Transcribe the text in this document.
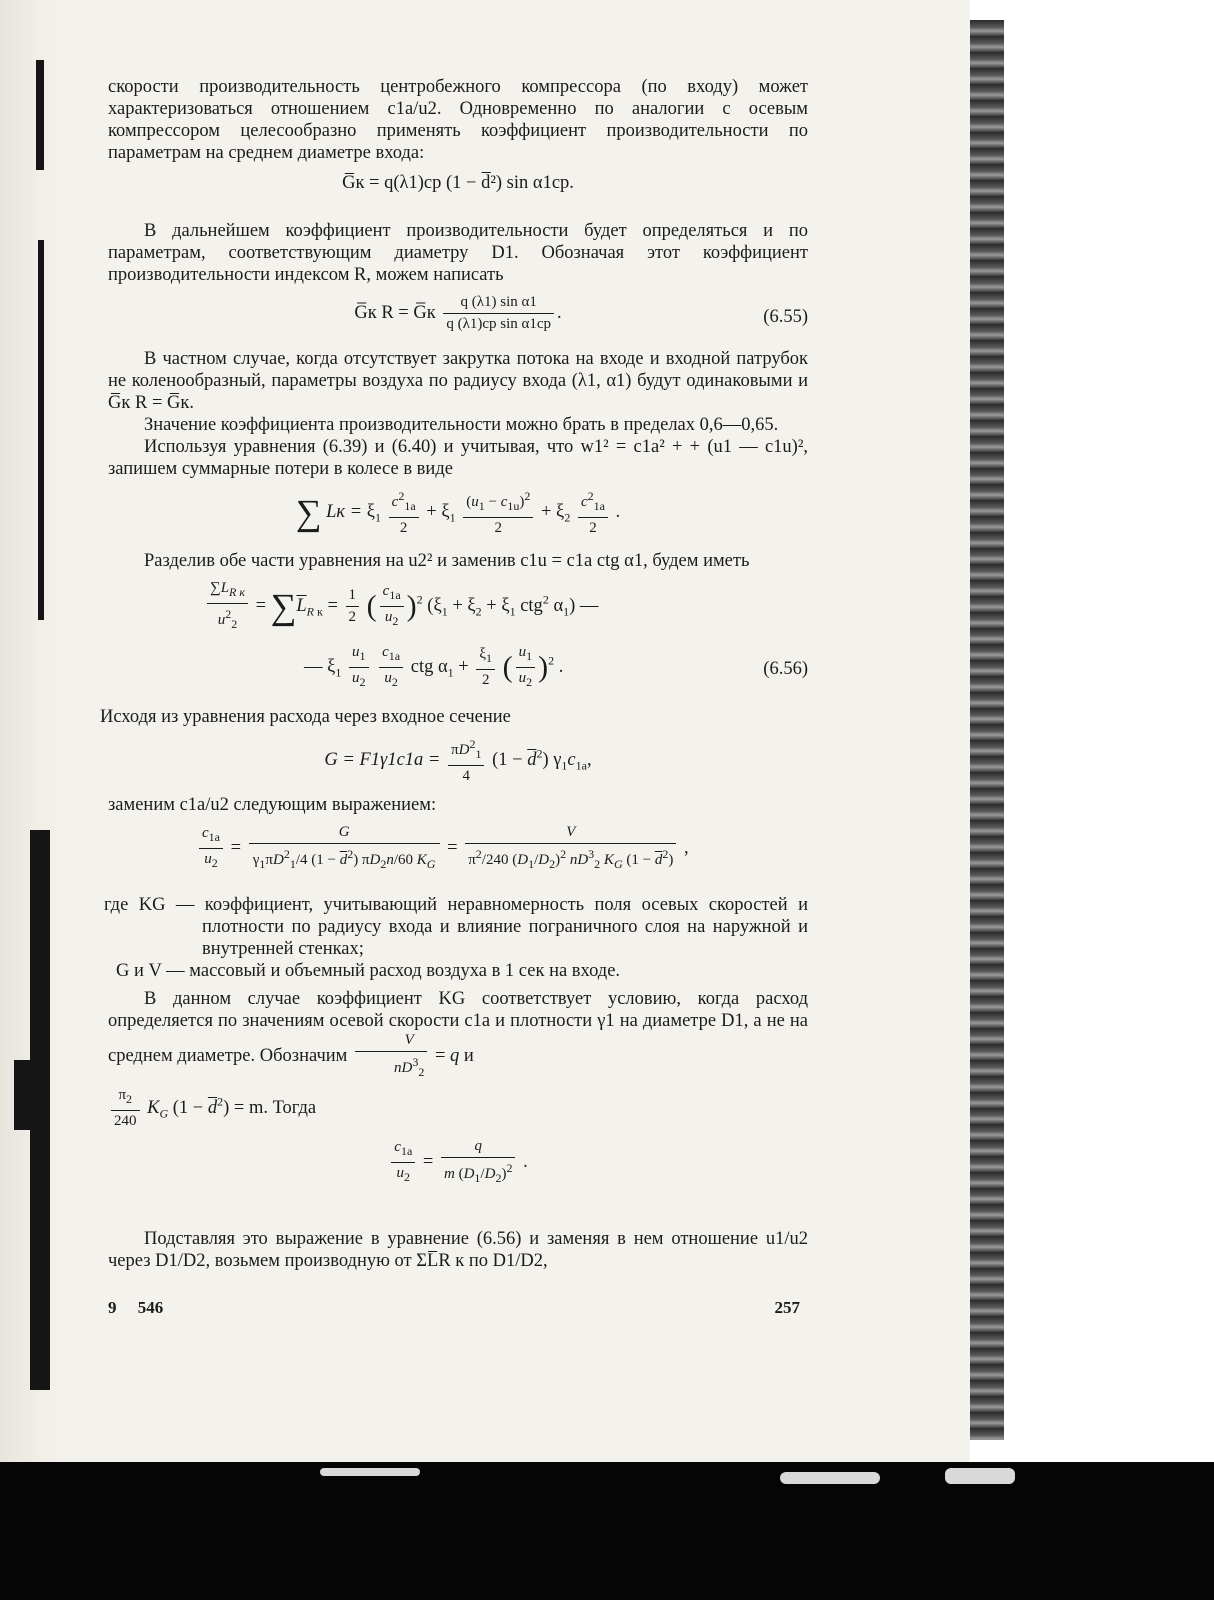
скорости производительность центробежного компрессора (по входу) может характеризоваться отношением c1a/u2. Одновременно по аналогии с осевым компрессором целесообразно применять коэффициент производительности по параметрам на среднем диаметре входа:

G̅к = q(λ1)ср (1 − d̅²) sin α1ср.

В дальнейшем коэффициент производительности будет определяться и по параметрам, соответствующим диаметру D1. Обозначая этот коэффициент производительности индексом R, можем написать

G̅к R = G̅к $\frac{\text{q (λ1) sin α1}}{\text{q (λ1)ср sin α1ср}}$ .	(6.55)

В частном случае, когда отсутствует закрутка потока на входе и входной патрубок не коленообразный, параметры воздуха по радиусу входа (λ1, α1) будут одинаковыми и G̅к R = G̅к.

Значение коэффициента производительности можно брать в пределах 0,6—0,65.

Используя уравнения (6.39) и (6.40) и учитывая, что w1² = c1a² + + (u1 — c1u)², запишем суммарные потери в колесе в виде

∑ Lк = $\xi_1 \frac{c^2_{1a}}{2} + \xi_1 \frac{(u_1 - c_{1u})^2}{2} + \xi_2 \frac{c^2_{1a}}{2}$ .

Разделив обе части уравнения на u2² и заменив c1u = c1a ctg α1, будем иметь

$\frac{\sum L_{R к}}{u^2_2} = \sum\overline{L}_{R к} = \frac{1}{2}$ ( $\frac{c_{1a}}{u_2} )^2$ ($\xi_1 + \xi_2 + \xi_1$ ctg$^2$ $\alpha_1$) —
— $\xi_1 \frac{u_1}{u_2}$
$\frac{c_{1a}}{u_2}$ ctg $\alpha_1 + \frac{\xi_1}{2}$ ( $\frac{u_1}{u_2} )^2$ .	(6.56)

Исходя из уравнения расхода через входное сечение

$G = F1\gamma 1c1a = \frac{\pi D^2_1}{4} (1 - \overline{d}^2)$ $\gamma_1c_{1a}$,

заменим c1a/u2 следующим выражением:

$\frac{c_{1a}}{u_2} = \frac{G}{\gamma_1\pi D^2_1/4 (1 - \overline{d}^2) \pi D_2n/60 K_G} = \frac{V}{\pi^2/240 (D_1/D_2)^2 nD^3_2 K_G (1 - \overline{d}^2)}$ ,

где KG — коэффициент, учитывающий неравномерность поля осевых скоростей и плотности по радиусу входа и влияние пограничного слоя на наружной и внутренней стенках;

G и V — массовый и объемный расход воздуха в 1 сек на входе.

В данном случае коэффициент KG соответствует условию, когда расход определяется по значениям осевой скорости c1a и плотности γ1 на диаметре D1, а не на среднем диаметре. Обозначим $\frac{V}{nD^3_2} = q$ и

$\frac{\pi_2}{240} K_G$ $(1 - \overline{d}^2) = m$. Тогда

$\frac{c_{1a}}{u_2} = \frac{q}{m (D_1/D_2)^2}$ .

Подставляя это выражение в уравнение (6.56) и заменяя в нем отношение u1/u2 через D1/D2, возьмем производную от ΣL̅R к по D1/D2,

9     546	257
